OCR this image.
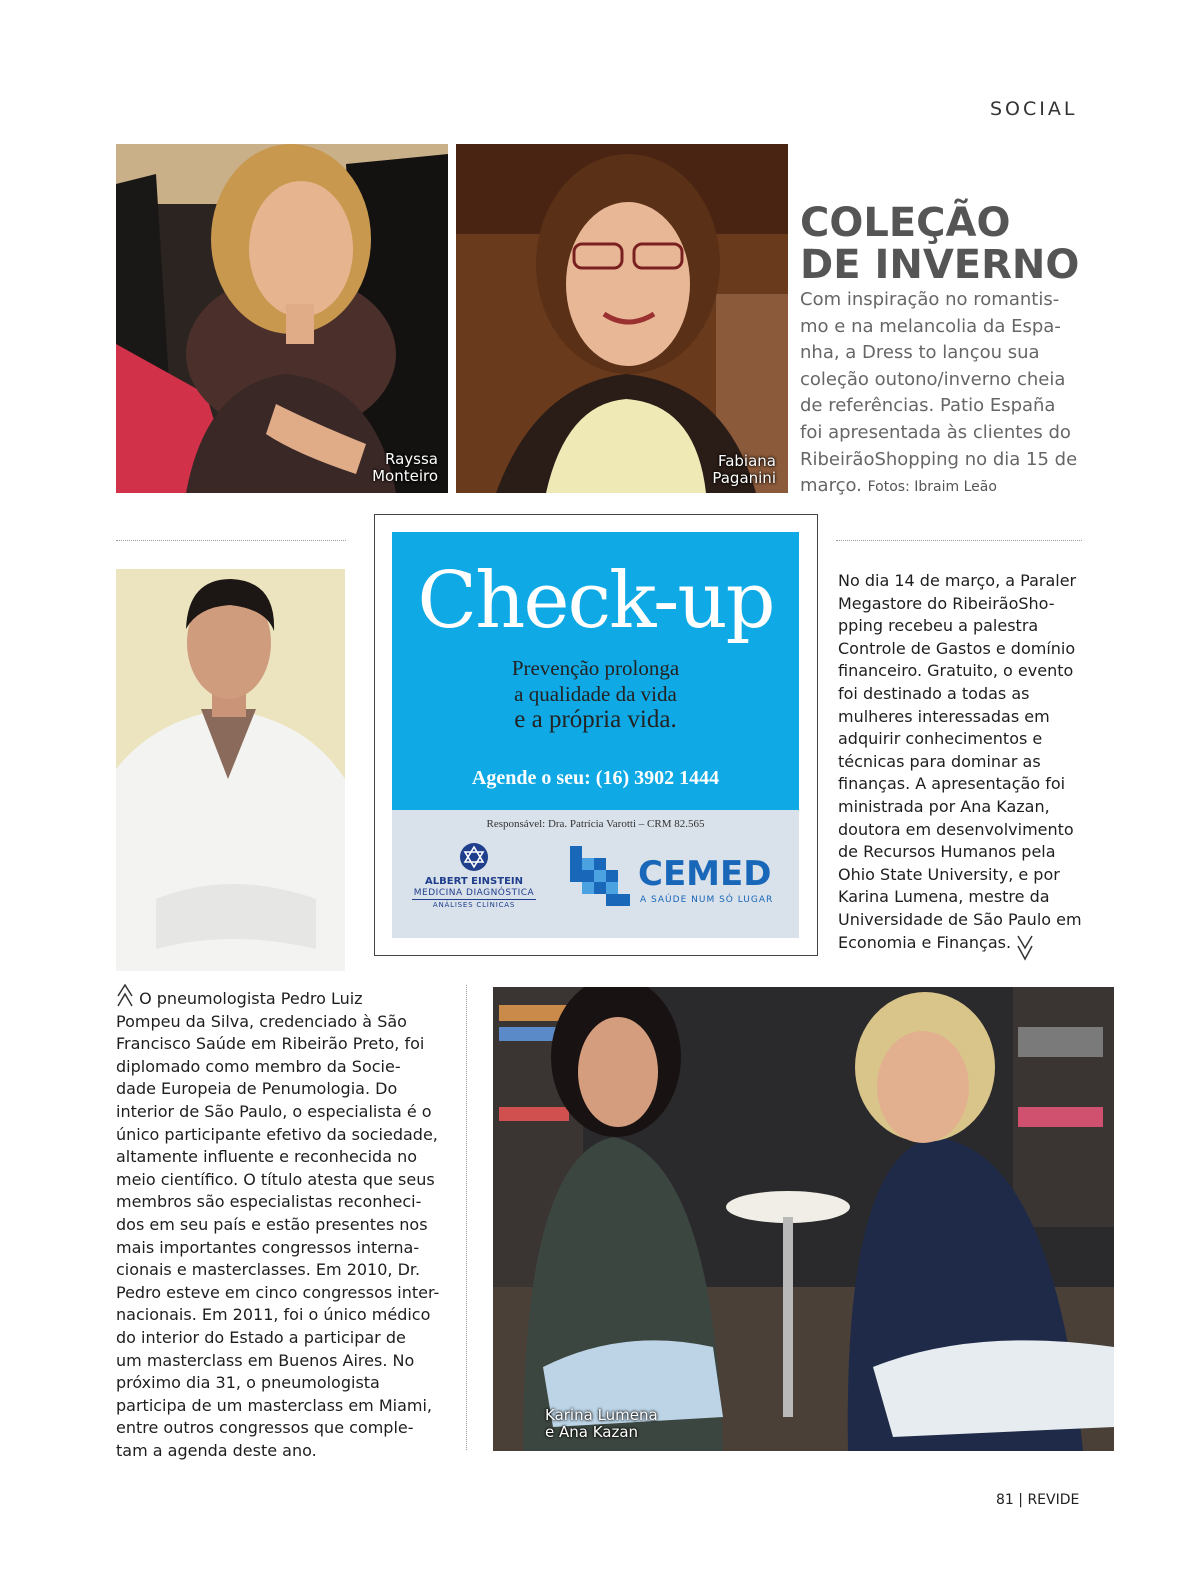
SOCIAL
Rayssa
Monteiro
Fabiana
Paganini
COLEÇÃO
DE INVERNO
Com inspiração no romantis-
mo e na melancolia da Espa-
nha, a Dress to lançou sua
coleção outono/inverno cheia
de referências. Patio España
foi apresentada às clientes do
RibeirãoShopping no dia 15 de
março. Fotos: Ibraim Leão
Check-up
Prevenção prolonga
a qualidade da vida
e a própria vida.
Agende o seu: (16) 3902 1444
Responsável: Dra. Patrícia Varotti – CRM 82.565
ALBERT EINSTEIN
MEDICINA DIAGNÓSTICA
ANÁLISES CLÍNICAS
CEMED
A SAÚDE NUM SÓ LUGAR
No dia 14 de março, a Paraler
Megastore do RibeirãoSho-
pping recebeu a palestra
Controle de Gastos e domínio
financeiro. Gratuito, o evento
foi destinado a todas as
mulheres interessadas em
adquirir conhecimentos e
técnicas para dominar as
finanças. A apresentação foi
ministrada por Ana Kazan,
doutora em desenvolvimento
de Recursos Humanos pela
Ohio State University, e por
Karina Lumena, mestre da
Universidade de São Paulo em
Economia e Finanças.
O pneumologista Pedro Luiz
Pompeu da Silva, credenciado à São
Francisco Saúde em Ribeirão Preto, foi
diplomado como membro da Socie-
dade Europeia de Penumologia. Do
interior de São Paulo, o especialista é o
único participante efetivo da sociedade,
altamente influente e reconhecida no
meio científico. O título atesta que seus
membros são especialistas reconheci-
dos em seu país e estão presentes nos
mais importantes congressos interna-
cionais e masterclasses. Em 2010, Dr.
Pedro esteve em cinco congressos inter-
nacionais. Em 2011, foi o único médico
do interior do Estado a participar de
um masterclass em Buenos Aires. No
próximo dia 31, o pneumologista
participa de um masterclass em Miami,
entre outros congressos que comple-
tam a agenda deste ano.
Karina Lumena
e Ana Kazan
81 | REVIDE
